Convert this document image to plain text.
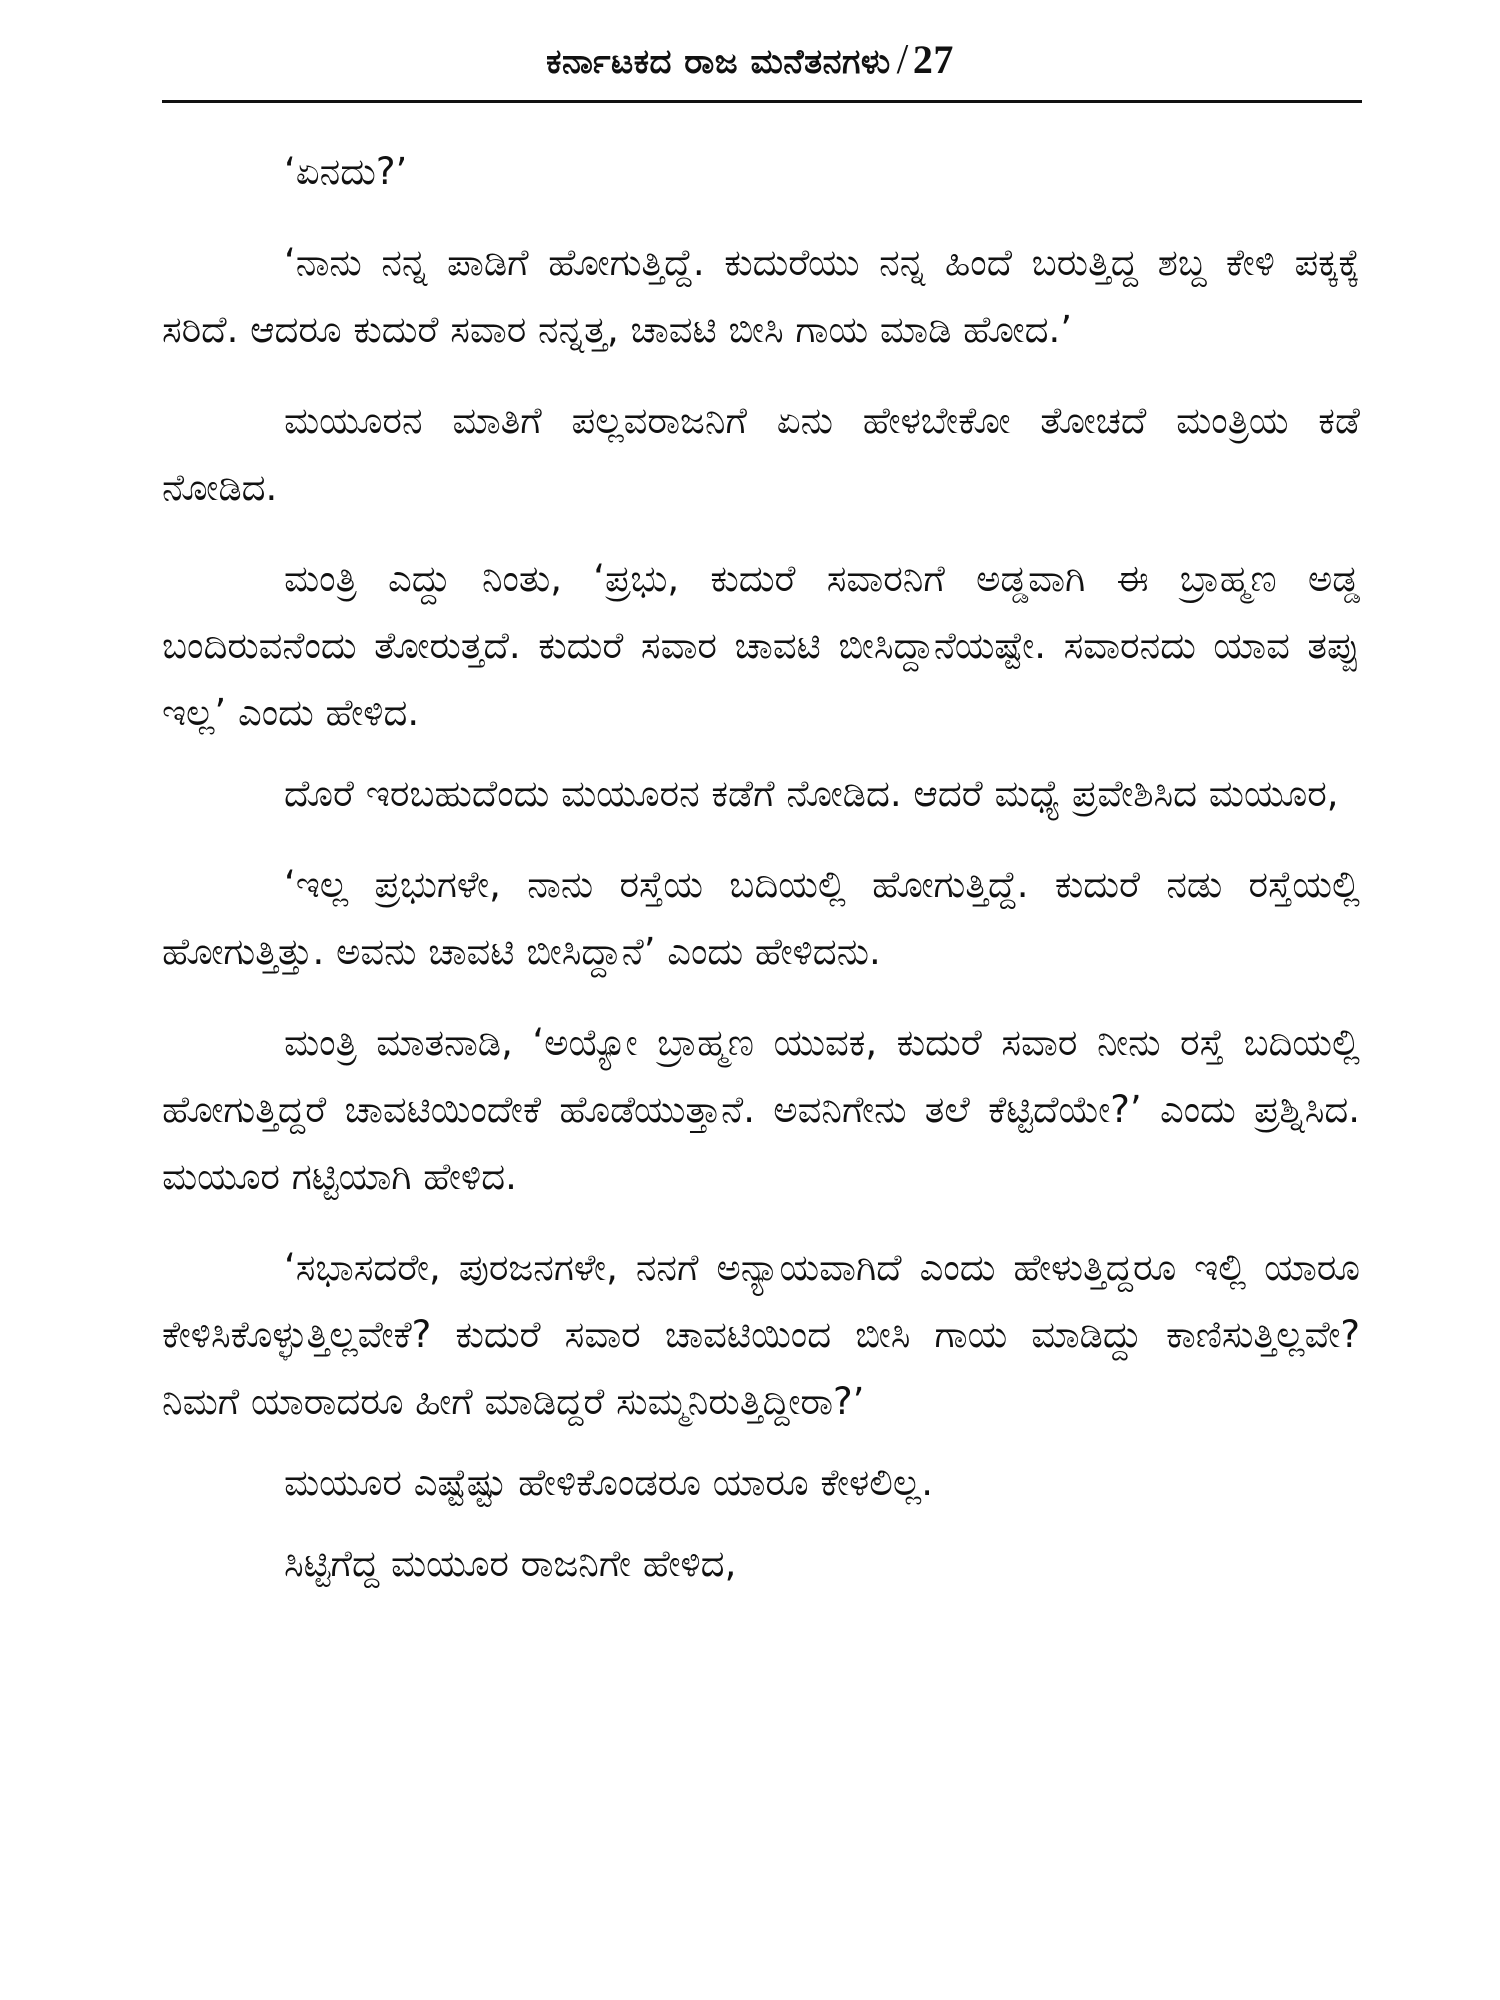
ಕರ್ನಾಟಕದ ರಾಜ ಮನೆತನಗಳು / 27

‘ಏನದು?’

‘ನಾನು ನನ್ನ ಪಾಡಿಗೆ ಹೋಗುತ್ತಿದ್ದೆ. ಕುದುರೆಯು ನನ್ನ ಹಿಂದೆ ಬರುತ್ತಿದ್ದ ಶಬ್ದ ಕೇಳಿ ಪಕ್ಕಕ್ಕೆ ಸರಿದೆ. ಆದರೂ ಕುದುರೆ ಸವಾರ ನನ್ನತ್ತ, ಚಾವಟಿ ಬೀಸಿ ಗಾಯ ಮಾಡಿ ಹೋದ.’

ಮಯೂರನ ಮಾತಿಗೆ ಪಲ್ಲವರಾಜನಿಗೆ ಏನು ಹೇಳಬೇಕೋ ತೋಚದೆ ಮಂತ್ರಿಯ ಕಡೆ ನೋಡಿದ.

ಮಂತ್ರಿ ಎದ್ದು ನಿಂತು, ‘ಪ್ರಭು, ಕುದುರೆ ಸವಾರನಿಗೆ ಅಡ್ಡವಾಗಿ ಈ ಬ್ರಾಹ್ಮಣ ಅಡ್ಡ ಬಂದಿರುವನೆಂದು ತೋರುತ್ತದೆ. ಕುದುರೆ ಸವಾರ ಚಾವಟಿ ಬೀಸಿದ್ದಾನೆಯಷ್ಟೇ. ಸವಾರನದು ಯಾವ ತಪ್ಪು ಇಲ್ಲ’ ಎಂದು ಹೇಳಿದ.

ದೊರೆ ಇರಬಹುದೆಂದು ಮಯೂರನ ಕಡೆಗೆ ನೋಡಿದ. ಆದರೆ ಮಧ್ಯೆ ಪ್ರವೇಶಿಸಿದ ಮಯೂರ,

‘ಇಲ್ಲ ಪ್ರಭುಗಳೇ, ನಾನು ರಸ್ತೆಯ ಬದಿಯಲ್ಲಿ ಹೋಗುತ್ತಿದ್ದೆ. ಕುದುರೆ ನಡು ರಸ್ತೆಯಲ್ಲಿ ಹೋಗುತ್ತಿತ್ತು. ಅವನು ಚಾವಟಿ ಬೀಸಿದ್ದಾನೆ’ ಎಂದು ಹೇಳಿದನು.

ಮಂತ್ರಿ ಮಾತನಾಡಿ, ‘ಅಯ್ಯೋ ಬ್ರಾಹ್ಮಣ ಯುವಕ, ಕುದುರೆ ಸವಾರ ನೀನು ರಸ್ತೆ ಬದಿಯಲ್ಲಿ ಹೋಗುತ್ತಿದ್ದರೆ ಚಾವಟಿಯಿಂದೇಕೆ ಹೊಡೆಯುತ್ತಾನೆ. ಅವನಿಗೇನು ತಲೆ ಕೆಟ್ಟಿದೆಯೇ?’ ಎಂದು ಪ್ರಶ್ನಿಸಿದ. ಮಯೂರ ಗಟ್ಟಿಯಾಗಿ ಹೇಳಿದ.

‘ಸಭಾಸದರೇ, ಪುರಜನಗಳೇ, ನನಗೆ ಅನ್ಯಾಯವಾಗಿದೆ ಎಂದು ಹೇಳುತ್ತಿದ್ದರೂ ಇಲ್ಲಿ ಯಾರೂ ಕೇಳಿಸಿಕೊಳ್ಳುತ್ತಿಲ್ಲವೇಕೆ? ಕುದುರೆ ಸವಾರ ಚಾವಟಿಯಿಂದ ಬೀಸಿ ಗಾಯ ಮಾಡಿದ್ದು ಕಾಣಿಸುತ್ತಿಲ್ಲವೇ? ನಿಮಗೆ ಯಾರಾದರೂ ಹೀಗೆ ಮಾಡಿದ್ದರೆ ಸುಮ್ಮನಿರುತ್ತಿದ್ದೀರಾ?’

ಮಯೂರ ಎಷ್ಟೆಷ್ಟು ಹೇಳಿಕೊಂಡರೂ ಯಾರೂ ಕೇಳಲಿಲ್ಲ.

ಸಿಟ್ಟಿಗೆದ್ದ ಮಯೂರ ರಾಜನಿಗೇ ಹೇಳಿದ,
